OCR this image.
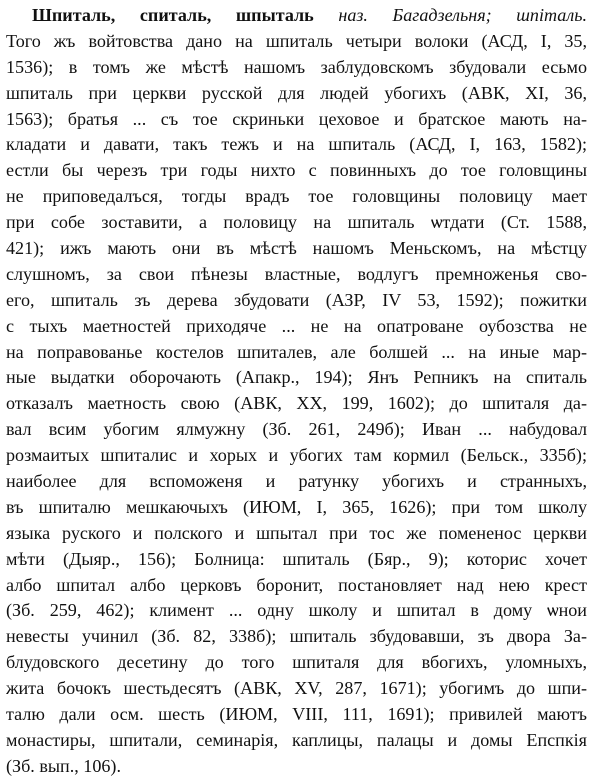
Шпиталь, спиталь, шпыталь наз. Багадзельня; шпіталь.
Того жъ войтовства дано на шпиталь четыри волоки (АСД, I, 35,
1536); в томъ же мѣстѣ нашомъ заблудовскомъ збудовали есьмо
шпиталь при церкви русской для людей убогихъ (АВК, XI, 36,
1563); братья ... съ тое скриньки цеховое и братское мають на-
кладати и давати, такъ тежъ и на шпиталь (АСД, I, 163, 1582);
естли бы черезъ три годы нихто с повинныхъ до тое головщины
не приповедалъся, тогды врадъ тое головщины половицу мает
при собе зоставити, а половицу на шпиталь ѡтдати (Ст. 1588,
421); ижъ мають они въ мѣстѣ нашомъ Меньскомъ, на мѣстцу
слушномъ, за свои пѣнезы властные, водлугъ премноженья сво-
его, шпиталь зъ дерева збудовати (АЗР, IV 53, 1592); пожитки
с тыхъ маетностей приходяче ... не на опатроване оубозства не
на поправованье костелов шпиталев, але болшей ... на иные мар-
ные выдатки оборочають (Апакр., 194); Янъ Репникъ на спиталь
отказалъ маетность свою (АВК, XX, 199, 1602); до шпиталя да-
вал всим убогим ялмужну (Зб. 261, 249б); Иван ... набудовал
розмаитых шпиталис и хорых и убогих там кормил (Бельск., 335б);
наиболее для вспоможеня и ратунку убогихъ и странныхъ,
въ шпиталю мешкаючыхъ (ИЮМ, I, 365, 1626); при том школу
языка руского и полского и шпытал при тос же помененос церкви
мѣти (Дыяр., 156); Болница: шпиталь (Бяр., 9); которис хочет
албо шпитал албо церковъ боронит, постановляет над нею крест
(Зб. 259, 462); климент ... одну школу и шпитал в дому ѡнои
невесты учинил (Зб. 82, 338б); шпиталь збудовавши, зъ двора За-
блудовского десетину до того шпиталя для вбогихъ, уломныхъ,
жита бочокъ шестьдесятъ (АВК, XV, 287, 1671); убогимъ до шпи-
талю дали осм. шесть (ИЮМ, VIII, 111, 1691); привилей маютъ
монастиры, шпитали, семинарія, каплицы, палацы и домы Епспкія
(Зб. вып., 106).
